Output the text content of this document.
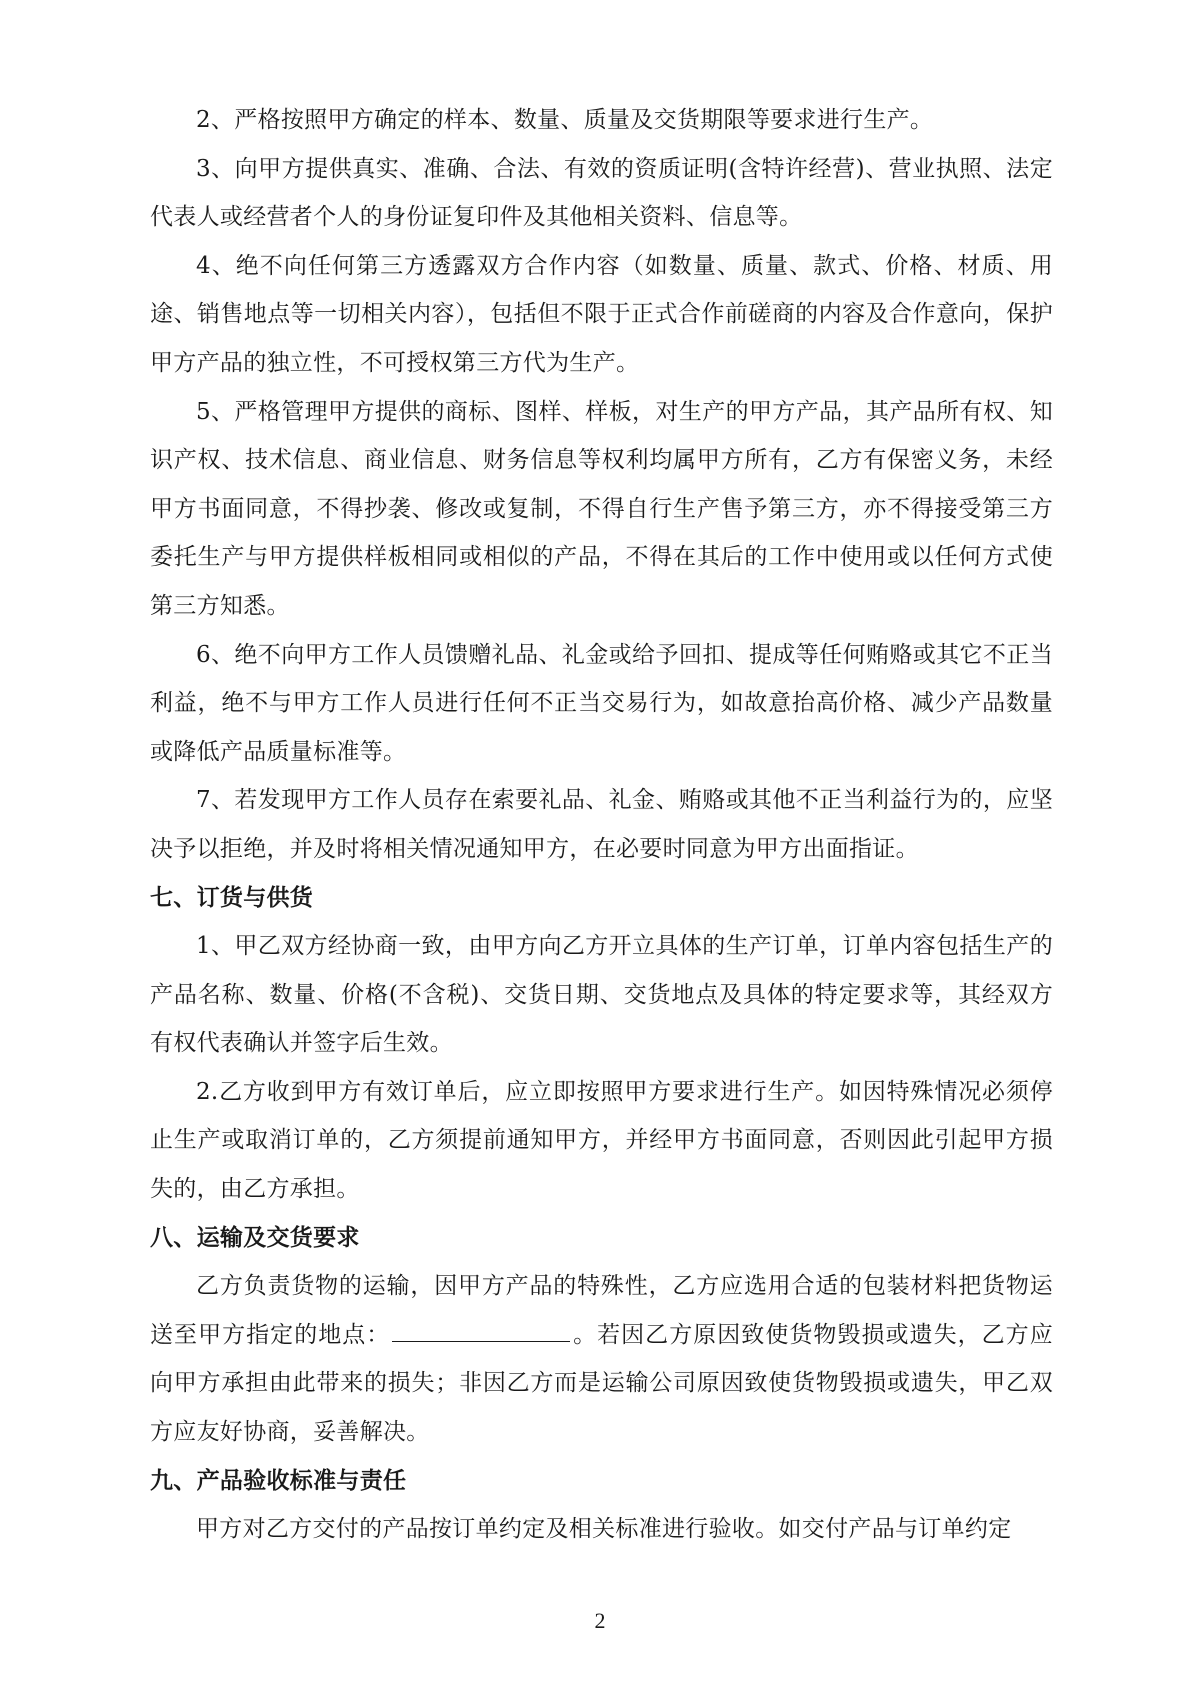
2、严格按照甲方确定的样本、数量、质量及交货期限等要求进行生产。

3、向甲方提供真实、准确、合法、有效的资质证明(含特许经营)、营业执照、法定代表人或经营者个人的身份证复印件及其他相关资料、信息等。

4、绝不向任何第三方透露双方合作内容（如数量、质量、款式、价格、材质、用途、销售地点等一切相关内容），包括但不限于正式合作前磋商的内容及合作意向，保护甲方产品的独立性，不可授权第三方代为生产。

5、严格管理甲方提供的商标、图样、样板，对生产的甲方产品，其产品所有权、知识产权、技术信息、商业信息、财务信息等权利均属甲方所有，乙方有保密义务，未经甲方书面同意，不得抄袭、修改或复制，不得自行生产售予第三方，亦不得接受第三方委托生产与甲方提供样板相同或相似的产品，不得在其后的工作中使用或以任何方式使第三方知悉。

6、绝不向甲方工作人员馈赠礼品、礼金或给予回扣、提成等任何贿赂或其它不正当利益，绝不与甲方工作人员进行任何不正当交易行为，如故意抬高价格、减少产品数量或降低产品质量标准等。

7、若发现甲方工作人员存在索要礼品、礼金、贿赂或其他不正当利益行为的，应坚决予以拒绝，并及时将相关情况通知甲方，在必要时同意为甲方出面指证。

七、订货与供货

1、甲乙双方经协商一致，由甲方向乙方开立具体的生产订单，订单内容包括生产的产品名称、数量、价格(不含税)、交货日期、交货地点及具体的特定要求等，其经双方有权代表确认并签字后生效。

2.乙方收到甲方有效订单后，应立即按照甲方要求进行生产。如因特殊情况必须停止生产或取消订单的，乙方须提前通知甲方，并经甲方书面同意，否则因此引起甲方损失的，由乙方承担。

八、运输及交货要求

乙方负责货物的运输，因甲方产品的特殊性，乙方应选用合适的包装材料把货物运送至甲方指定的地点：	。若因乙方原因致使货物毁损或遗失，乙方应向甲方承担由此带来的损失；非因乙方而是运输公司原因致使货物毁损或遗失，甲乙双方应友好协商，妥善解决。

九、产品验收标准与责任

甲方对乙方交付的产品按订单约定及相关标准进行验收。如交付产品与订单约定

2
